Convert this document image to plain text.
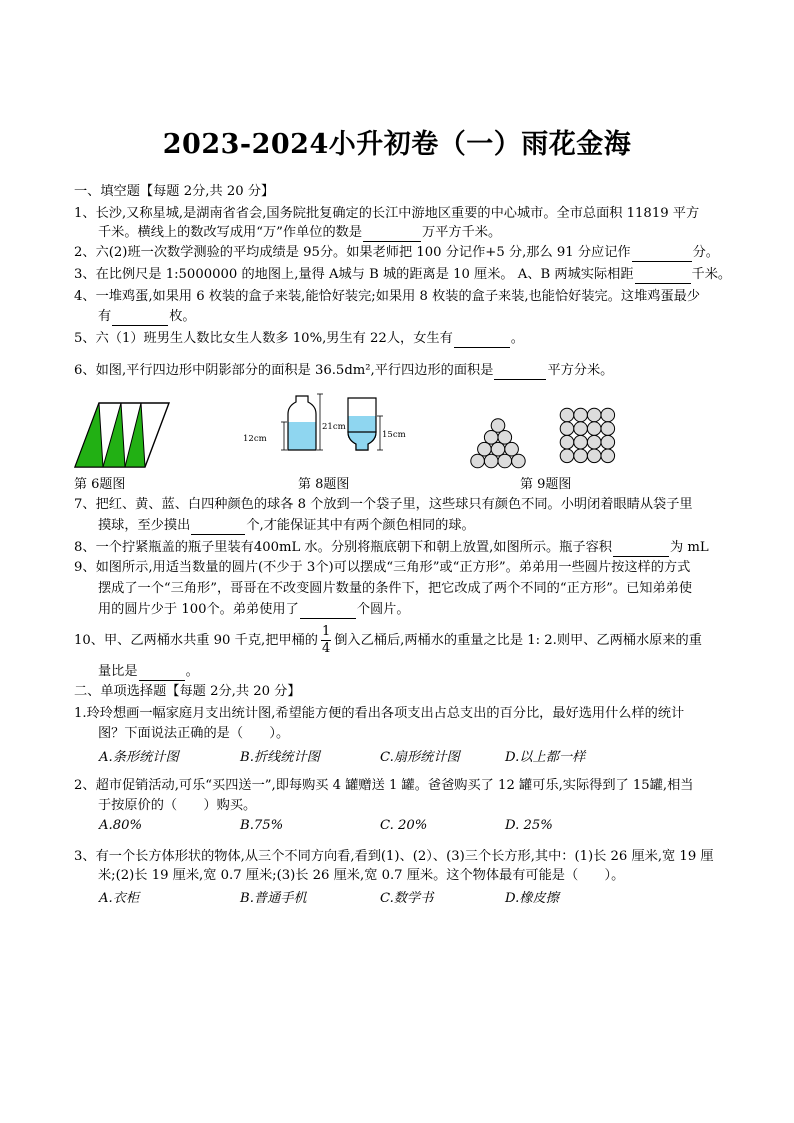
2023-2024小升初卷（一）雨花金海
一、填空题【每题 2分,共 20 分】
1、长沙,又称星城,是湖南省省会,国务院批复确定的长江中游地区重要的中心城市。全市总面积 11819 平方
千米。横线上的数改写成用“万”作单位的数是	万平方千米。
2、六(2)班一次数学测验的平均成绩是 95分。如果老师把 100 分记作+5 分,那么 91 分应记作	分。
3、在比例尺是 1:5000000 的地图上,量得 A城与 B 城的距离是 10 厘米。 A、B 两城实际相距	千米。
4、一堆鸡蛋,如果用 6 枚装的盒子来装,能恰好装完;如果用 8 枚装的盒子来装,也能恰好装完。这堆鸡蛋最少
有	枚。
5、六（1）班男生人数比女生人数多 10%,男生有 22人，女生有	。
6、如图,平行四边形中阴影部分的面积是 36.5dm²,平行四边形的面积是	平方分米。
第 6题图
12cm
21cm
15cm
第 8题图	第 9题图
7、把红、黄、蓝、白四种颜色的球各 8 个放到一个袋子里，这些球只有颜色不同。小明闭着眼睛从袋子里
摸球，至少摸出	个,才能保证其中有两个颜色相同的球。
8、一个拧紧瓶盖的瓶子里装有400mL 水。分别将瓶底朝下和朝上放置,如图所示。瓶子容积	为 mL
9、如图所示,用适当数量的圆片(不少于 3个)可以摆成“三角形”或“正方形”。弟弟用一些圆片按这样的方式
摆成了一个“三角形”，哥哥在不改变圆片数量的条件下，把它改成了两个不同的“正方形”。已知弟弟使
用的圆片少于 100个。弟弟使用了	个圆片。
10、甲、乙两桶水共重 90 千克,把甲桶的 $\frac{1}{4}$ 倒入乙桶后,两桶水的重量之比是 1: 2.则甲、乙两桶水原来的重
量比是	。
二、单项选择题【每题 2分,共 20 分】
1.玲玲想画一幅家庭月支出统计图,希望能方便的看出各项支出占总支出的百分比，最好选用什么样的统计
图？下面说法正确的是（　　）。
A.条形统计图	B.折线统计图	C.扇形统计图	D.以上都一样
2、超市促销活动,可乐“买四送一”,即每购买 4 罐赠送 1 罐。爸爸购买了 12 罐可乐,实际得到了 15罐,相当
于按原价的（　　）购买。
A.80%	B.75%	C. 20%	D. 25%
3、有一个长方体形状的物体,从三个不同方向看,看到(1)、(2）、(3)三个长方形,其中：(1)长 26 厘米,宽 19 厘
米;(2)长 19 厘米,宽 0.7 厘米;(3)长 26 厘米,宽 0.7 厘米。这个物体最有可能是（　　）。
A.衣柜	B.普通手机	C.数学书	D.橡皮擦
